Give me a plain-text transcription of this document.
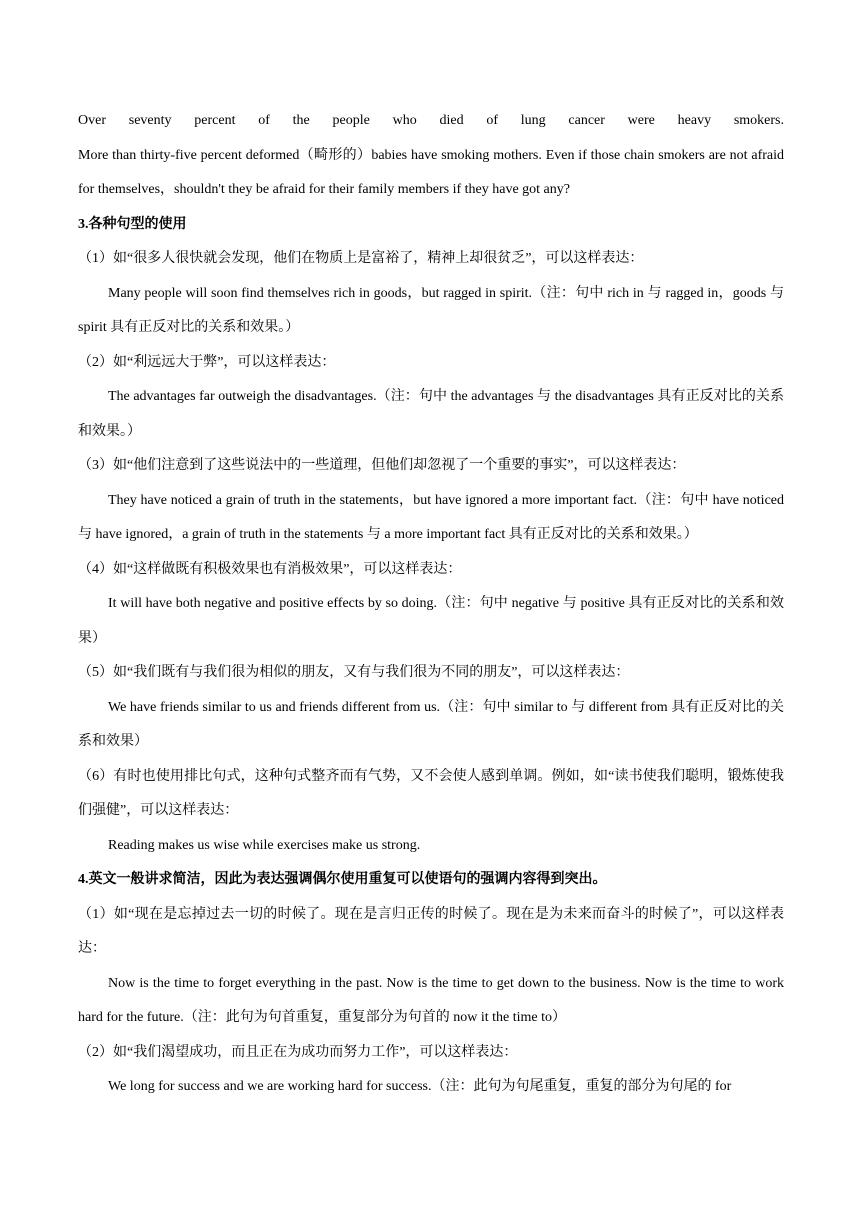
Over seventy percent of the people who died of lung cancer were heavy smokers.

More than thirty-five percent deformed（畸形的）babies have smoking mothers. Even if those chain smokers are not afraid for themselves，shouldn't they be afraid for their family members if they have got any?

3.各种句型的使用

（1）如“很多人很快就会发现，他们在物质上是富裕了，精神上却很贫乏”，可以这样表达：

Many people will soon find themselves rich in goods，but ragged in spirit.（注：句中 rich in 与 ragged in，goods 与 spirit 具有正反对比的关系和效果。）

（2）如“利远远大于弊”，可以这样表达：

The advantages far outweigh the disadvantages.（注：句中 the advantages 与 the disadvantages 具有正反对比的关系和效果。）

（3）如“他们注意到了这些说法中的一些道理，但他们却忽视了一个重要的事实”，可以这样表达：

They have noticed a grain of truth in the statements，but have ignored a more important fact.（注：句中 have noticed 与 have ignored，a grain of truth in the statements 与 a more important fact 具有正反对比的关系和效果。）

（4）如“这样做既有积极效果也有消极效果”，可以这样表达：

It will have both negative and positive effects by so doing.（注：句中 negative 与 positive 具有正反对比的关系和效果）

（5）如“我们既有与我们很为相似的朋友，又有与我们很为不同的朋友”，可以这样表达：

We have friends similar to us and friends different from us.（注：句中 similar to 与 different from 具有正反对比的关系和效果）

（6）有时也使用排比句式，这种句式整齐而有气势，又不会使人感到单调。例如，如“读书使我们聪明，锻炼使我们强健”，可以这样表达：

Reading makes us wise while exercises make us strong.

4.英文一般讲求简洁，因此为表达强调偶尔使用重复可以使语句的强调内容得到突出。

（1）如“现在是忘掉过去一切的时候了。现在是言归正传的时候了。现在是为未来而奋斗的时候了”，可以这样表达：

Now is the time to forget everything in the past. Now is the time to get down to the business. Now is the time to work hard for the future.（注：此句为句首重复，重复部分为句首的 now it the time to）

（2）如“我们渴望成功，而且正在为成功而努力工作”，可以这样表达：

We long for success and we are working hard for success.（注：此句为句尾重复，重复的部分为句尾的 for
